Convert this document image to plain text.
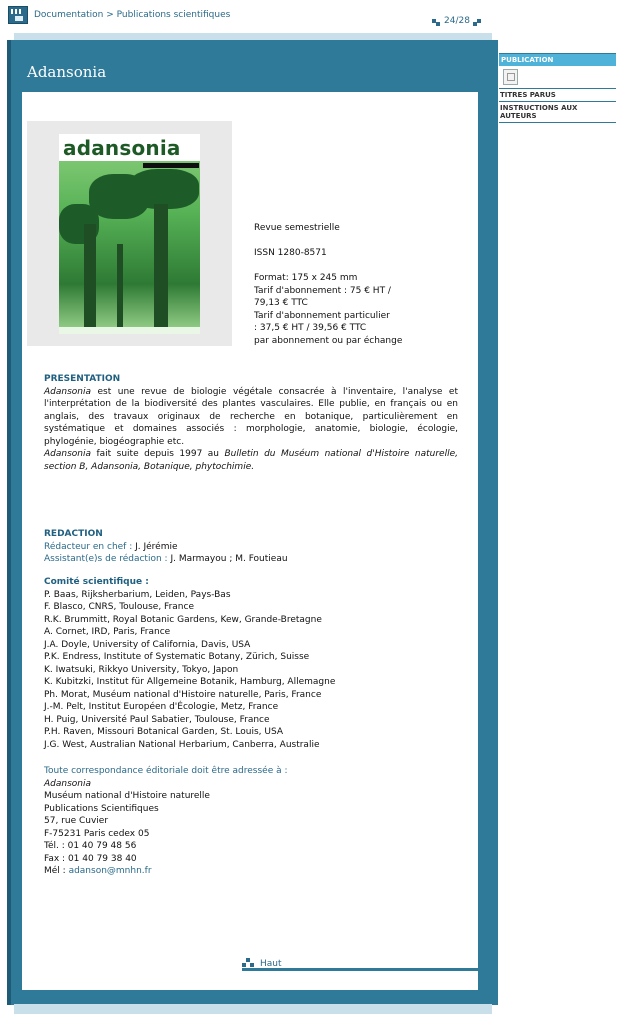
Documentation > Publications scientifiques
24/28
Adansonia
adansonia
Revue semestrielle

ISSN 1280-8571

Format: 175 x 245 mm
Tarif d'abonnement : 75 € HT /
79,13 € TTC
Tarif d'abonnement particulier
: 37,5 € HT / 39,56 € TTC
par abonnement ou par échange
PRESENTATION
Adansonia est une revue de biologie végétale consacrée à l'inventaire, l'analyse et l'interprétation de la biodiversité des plantes vasculaires. Elle publie, en français ou en anglais, des travaux originaux de recherche en botanique, particulièrement en systématique et domaines associés : morphologie, anatomie, biologie, écologie, phylogénie, biogéographie etc.
Adansonia fait suite depuis 1997 au Bulletin du Muséum national d'Histoire naturelle, section B, Adansonia, Botanique, phytochimie.
REDACTION
Rédacteur en chef : J. Jérémie
Assistant(e)s de rédaction : J. Marmayou ; M. Foutieau
Comité scientifique :
P. Baas, Rijksherbarium, Leiden, Pays-Bas
F. Blasco, CNRS, Toulouse, France
R.K. Brummitt, Royal Botanic Gardens, Kew, Grande-Bretagne
A. Cornet, IRD, Paris, France
J.A. Doyle, University of California, Davis, USA
P.K. Endress, Institute of Systematic Botany, Zürich, Suisse
K. Iwatsuki, Rikkyo University, Tokyo, Japon
K. Kubitzki, Institut für Allgemeine Botanik, Hamburg, Allemagne
Ph. Morat, Muséum national d'Histoire naturelle, Paris, France
J.-M. Pelt, Institut Européen d'Écologie, Metz, France
H. Puig, Université Paul Sabatier, Toulouse, France
P.H. Raven, Missouri Botanical Garden, St. Louis, USA
J.G. West, Australian National Herbarium, Canberra, Australie
Toute correspondance éditoriale doit être adressée à :
Adansonia
Muséum national d'Histoire naturelle
Publications Scientifiques
57, rue Cuvier
F-75231 Paris cedex 05
Tél. : 01 40 79 48 56
Fax : 01 40 79 38 40
Mél : adanson@mnhn.fr
Haut
PUBLICATION
TITRES PARUS
INSTRUCTIONS AUX AUTEURS
